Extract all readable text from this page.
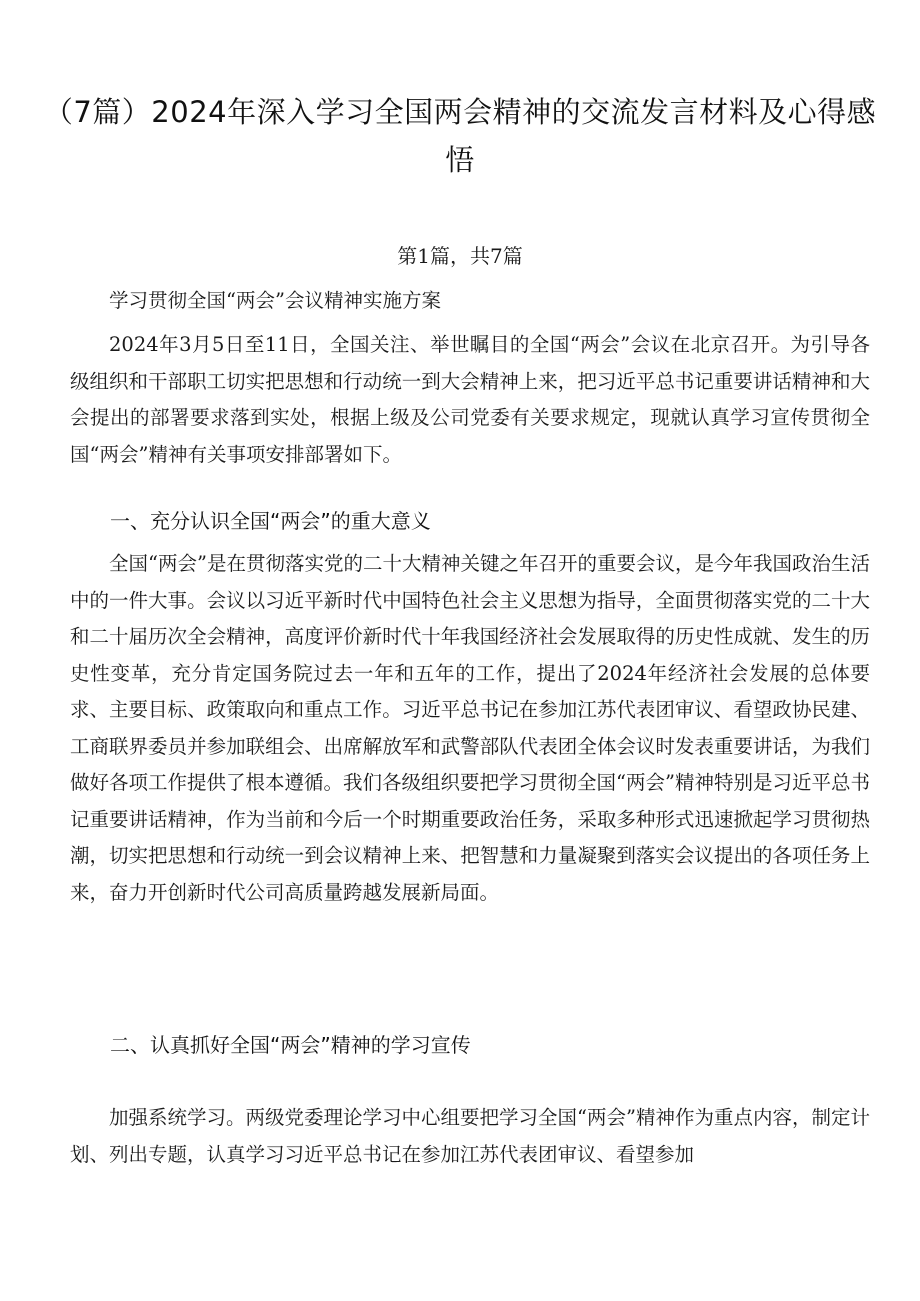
（7篇）2024年深入学习全国两会精神的交流发言材料及心得感悟

第1篇，共7篇

学习贯彻全国“两会”会议精神实施方案

2024年3月5日至11日，全国关注、举世瞩目的全国“两会”会议在北京召开。为引导各级组织和干部职工切实把思想和行动统一到大会精神上来，把习近平总书记重要讲话精神和大会提出的部署要求落到实处，根据上级及公司党委有关要求规定，现就认真学习宣传贯彻全国“两会”精神有关事项安排部署如下。

一、充分认识全国“两会”的重大意义

全国“两会”是在贯彻落实党的二十大精神关键之年召开的重要会议，是今年我国政治生活中的一件大事。会议以习近平新时代中国特色社会主义思想为指导，全面贯彻落实党的二十大和二十届历次全会精神，高度评价新时代十年我国经济社会发展取得的历史性成就、发生的历史性变革，充分肯定国务院过去一年和五年的工作，提出了2024年经济社会发展的总体要求、主要目标、政策取向和重点工作。习近平总书记在参加江苏代表团审议、看望政协民建、工商联界委员并参加联组会、出席解放军和武警部队代表团全体会议时发表重要讲话，为我们做好各项工作提供了根本遵循。我们各级组织要把学习贯彻全国“两会”精神特别是习近平总书记重要讲话精神，作为当前和今后一个时期重要政治任务，采取多种形式迅速掀起学习贯彻热潮，切实把思想和行动统一到会议精神上来、把智慧和力量凝聚到落实会议提出的各项任务上来，奋力开创新时代公司高质量跨越发展新局面。

二、认真抓好全国“两会”精神的学习宣传

加强系统学习。两级党委理论学习中心组要把学习全国“两会”精神作为重点内容，制定计划、列出专题，认真学习习近平总书记在参加江苏代表团审议、看望参加
